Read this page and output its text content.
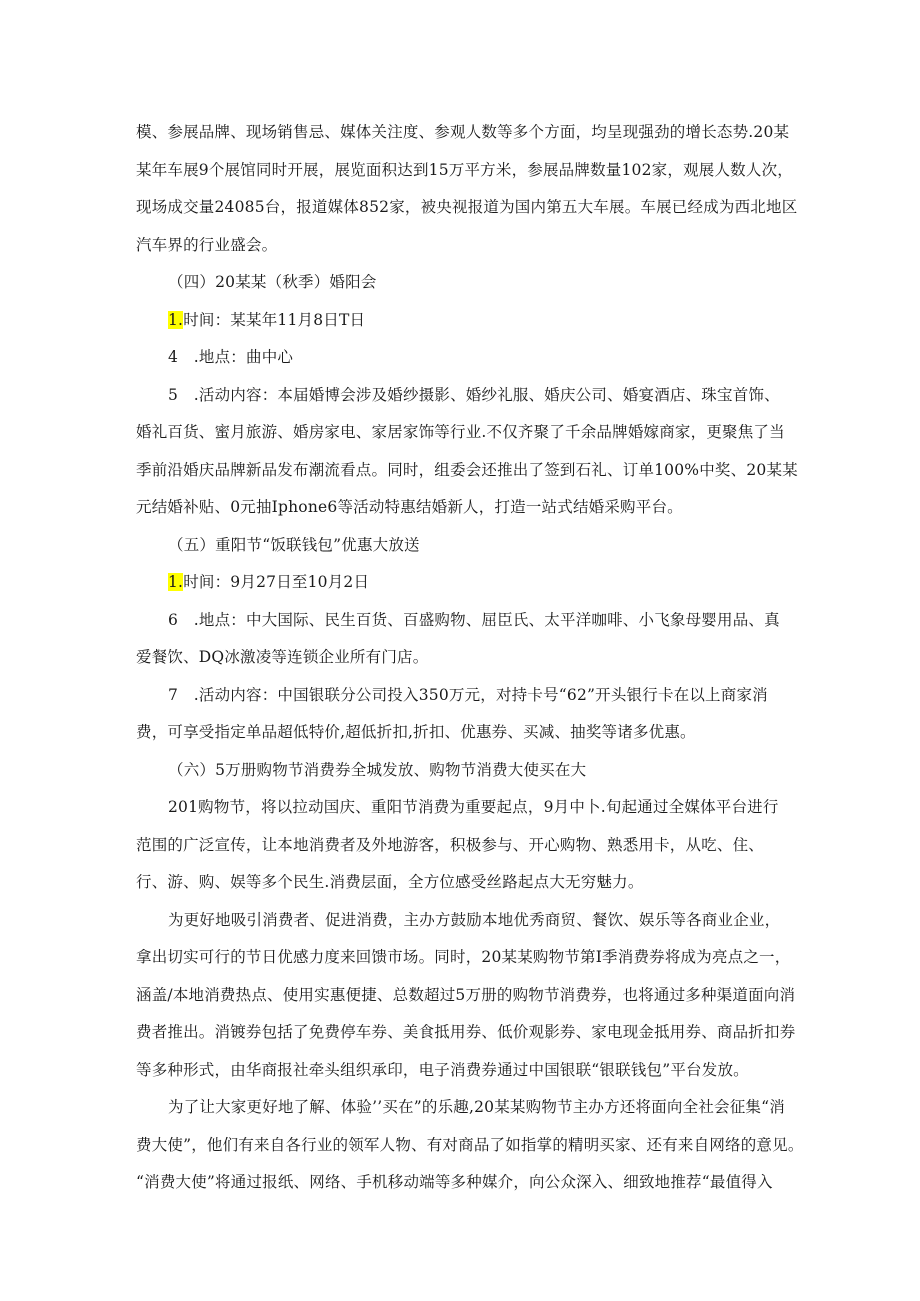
模、参展品牌、现场销售忌、媒体关注度、参观人数等多个方面，均呈现强劲的增长态势.20某
某年车展9个展馆同时开展，展览面积达到15万平方米，参展品牌数量102家，观展人数人次，
现场成交量24085台，报道媒体852家，被央视报道为国内第五大车展。车展已经成为西北地区
汽车界的行业盛会。

（四）20某某（秋季）婚阳会

1.时间：某某年11月8日T日

4　.地点：曲中心

5　.活动内容：本届婚博会涉及婚纱摄影、婚纱礼服、婚庆公司、婚宴酒店、珠宝首饰、
婚礼百货、蜜月旅游、婚房家电、家居家饰等行业.不仅齐聚了千余品牌婚嫁商家，更聚焦了当
季前沿婚庆品牌新品发布潮流看点。同时，组委会还推出了签到石礼、订单100%中奖、20某某
元结婚补贴、0元抽Iphone6等活动特惠结婚新人，打造一站式结婚采购平台。

（五）重阳节“饭联钱包”优惠大放送

1.时间：9月27日至10月2日

6　.地点：中大国际、民生百货、百盛购物、屈臣氏、太平洋咖啡、小飞象母婴用品、真
爱餐饮、DQ冰激凌等连锁企业所有门店。

7　.活动内容：中国银联分公司投入350万元，对持卡号“62”开头银行卡在以上商家消
费，可享受指定单品超低特价,超低折扣,折扣、优惠券、买减、抽奖等诸多优惠。

（六）5万册购物节消费券全城发放、购物节消费大使买在大

201购物节，将以拉动国庆、重阳节消费为重要起点，9月中卜.旬起通过全媒体平台进行
范围的广泛宣传，让本地消费者及外地游客，积极参与、开心购物、熟悉用卡，从吃、住、
行、游、购、娱等多个民生.消费层面，全方位感受丝路起点大无穷魅力。

为更好地吸引消费者、促进消费，主办方鼓励本地优秀商贸、餐饮、娱乐等各商业企业，
拿出切实可行的节日优感力度来回馈市场。同时，20某某购物节第I季消费券将成为亮点之一，
涵盖/本地消费热点、使用实惠便捷、总数超过5万册的购物节消费券，也将通过多种渠道面向消
费者推出。消镀券包括了免费停车券、美食抵用券、低价观影券、家电现金抵用券、商品折扣券
等多种形式，由华商报社牵头组织承印，电子消费券通过中国银联“银联钱包”平台发放。

为了让大家更好地了解、体验’’买在”的乐趣,20某某购物节主办方还将面向全社会征集“消
费大使”，他们有来自各行业的领军人物、有对商品了如指掌的精明买家、还有来自网络的意见。
“消费大使”将通过报纸、网络、手机移动端等多种媒介，向公众深入、细致地推荐“最值得入
